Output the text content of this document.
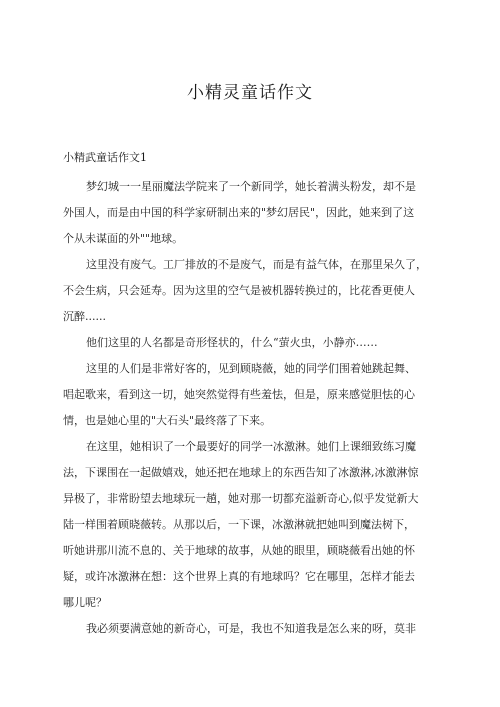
小精灵童话作文
小精武童话作文1
梦幻城一一星丽魔法学院来了一个新同学，她长着满头粉发，却不是
外国人，而是由中国的科学家研制出来的"梦幻居民"，因此，她来到了这
个从未谋面的外""地球。
这里没有废气。工厂排放的不是废气，而是有益气体，在那里呆久了，
不会生病，只会延寿。因为这里的空气是被机器转换过的，比花香更使人
沉醉......
他们这里的人名都是奇形怪状的，什么“萤火虫，小静亦……
这里的人们是非常好客的，见到顾晓薇，她的同学们围着她跳起舞、
唱起歌来，看到这一切，她突然觉得有些羞怯，但是，原来感觉胆怯的心
情，也是她心里的"大石头"最终落了下来。
在这里，她相识了一个最要好的同学一冰激淋。她们上课细致练习魔
法，下课围在一起做嬉戏，她还把在地球上的东西告知了冰激淋,冰激淋惊
异极了，非常盼望去地球玩一趟，她对那一切都充溢新奇心,似乎发觉新大
陆一样围着顾晓薇转。从那以后，一下课，冰激淋就把她叫到魔法树下，
听她讲那川流不息的、关于地球的故事，从她的眼里，顾晓薇看出她的怀
疑，或许冰激淋在想：这个世界上真的有地球吗？它在哪里，怎样才能去
哪儿呢？
我必须要满意她的新奇心，可是，我也不知道我是怎么来的呀，莫非
